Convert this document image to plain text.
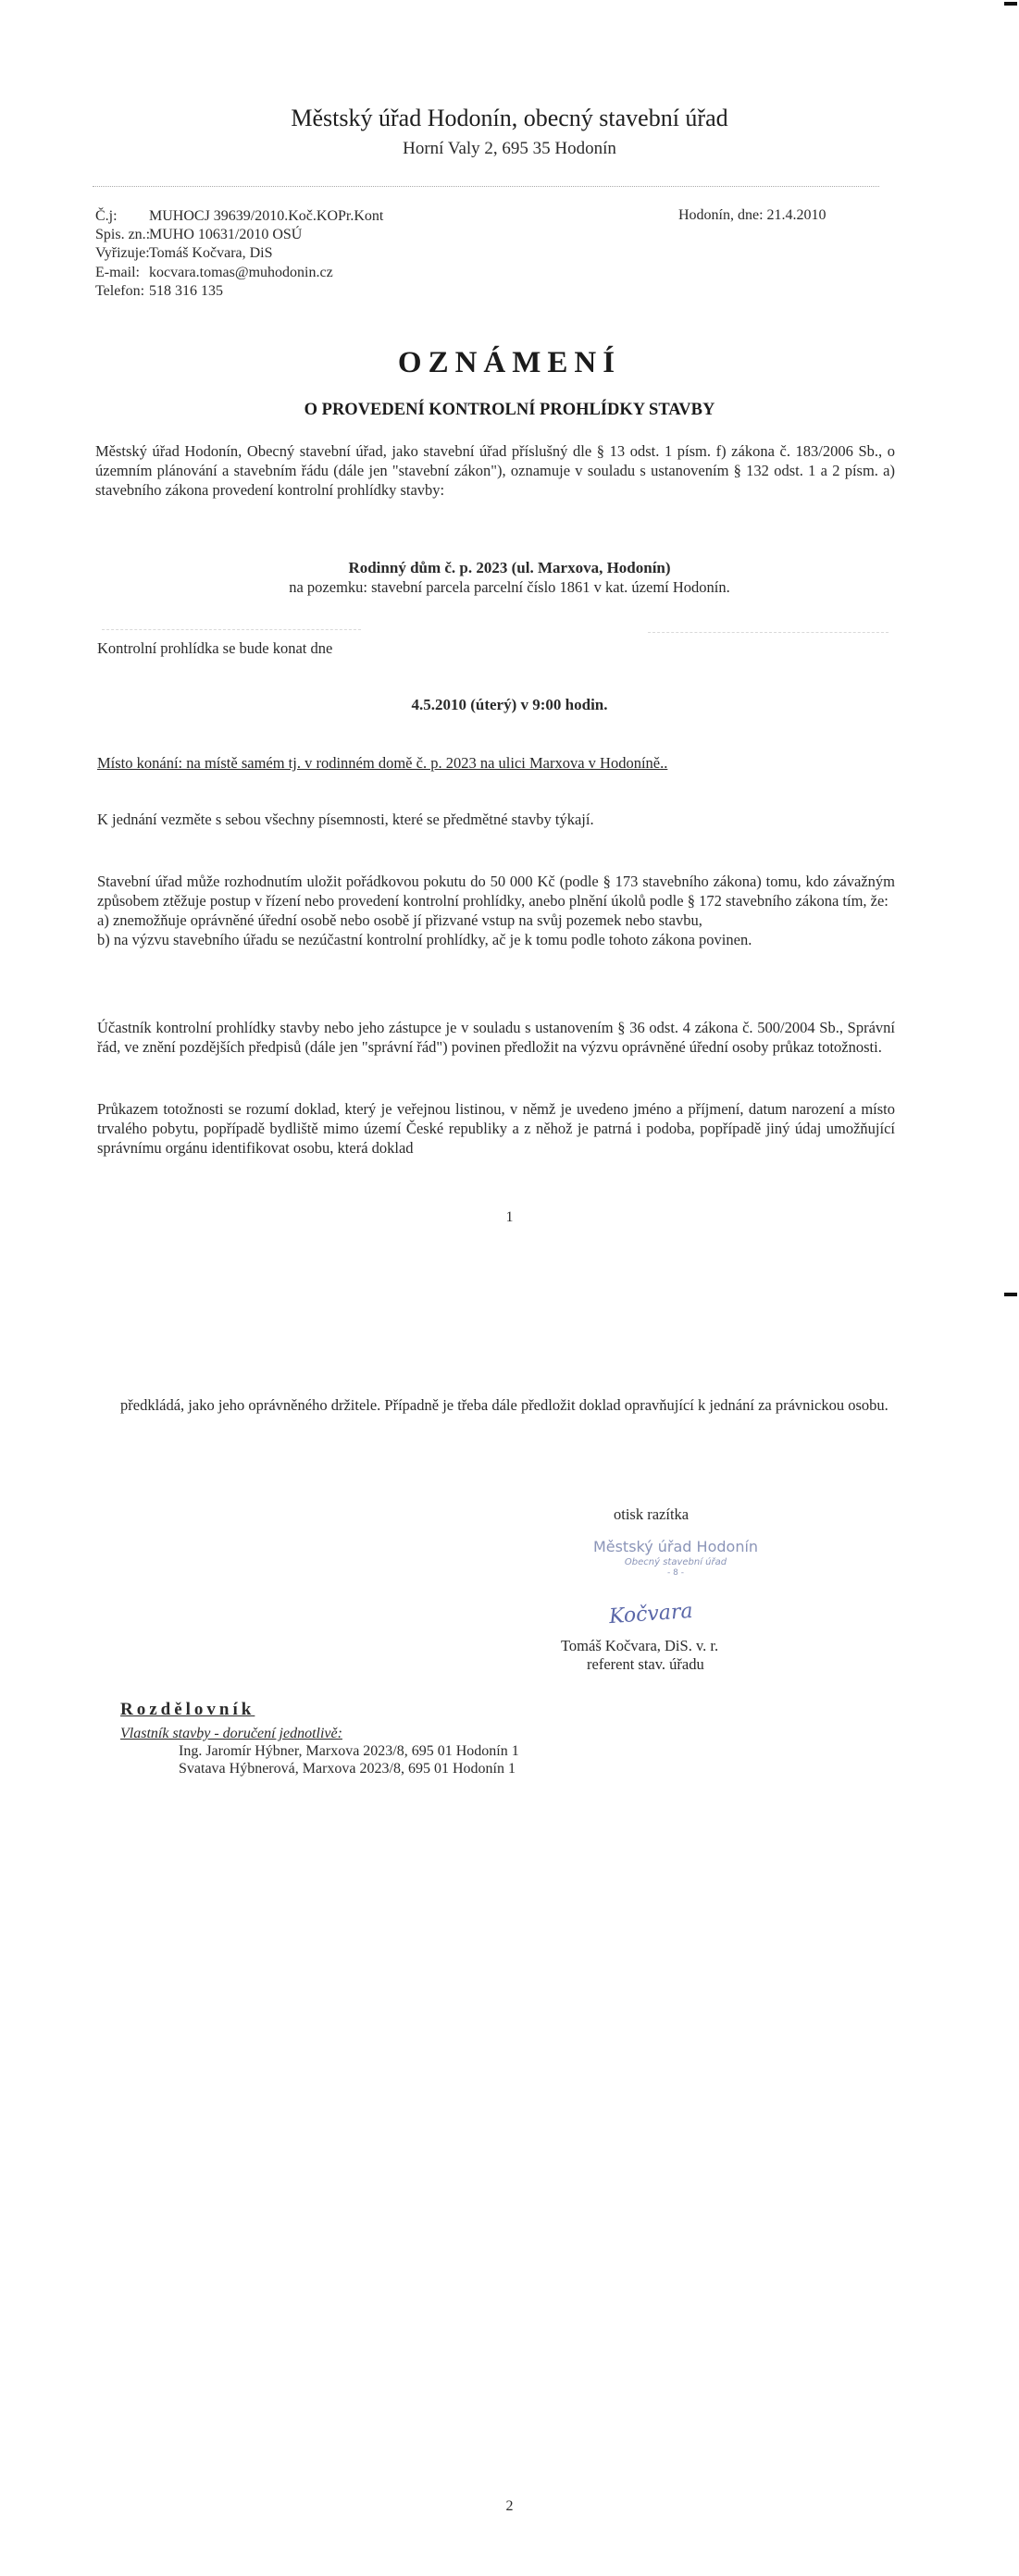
Městský úřad Hodonín, obecný stavební úřad
Horní Valy 2, 695 35 Hodonín
Č.j: MUHOCJ 39639/2010.Koč.KOPr.Kont	Hodonín, dne: 21.4.2010
Spis. zn.:MUHO 10631/2010 OSÚ
Vyřizuje:Tomáš Kočvara, DiS
E-mail: kocvara.tomas@muhodonin.cz
Telefon: 518 316 135
OZNÁMENÍ
O PROVEDENÍ KONTROLNÍ PROHLÍDKY STAVBY

Městský úřad Hodonín, Obecný stavební úřad, jako stavební úřad příslušný dle § 13 odst. 1 písm. f) zákona č. 183/2006 Sb., o územním plánování a stavebním řádu (dále jen "stavební zákon"), oznamuje v souladu s ustanovením § 132 odst. 1 a 2 písm. a) stavebního zákona provedení kontrolní prohlídky stavby:

Rodinný dům č. p. 2023 (ul. Marxova, Hodonín)
na pozemku: stavební parcela parcelní číslo 1861 v kat. území Hodonín.
Kontrolní prohlídka se bude konat dne
4.5.2010 (úterý) v 9:00 hodin.
Místo konání: na místě samém tj. v rodinném domě č. p. 2023 na ulici Marxova v Hodoníně..
K jednání vezměte s sebou všechny písemnosti, které se předmětné stavby týkají.

Stavební úřad může rozhodnutím uložit pořádkovou pokutu do 50 000 Kč (podle § 173 stavebního zákona) tomu, kdo závažným způsobem ztěžuje postup v řízení nebo provedení kontrolní prohlídky, anebo plnění úkolů podle § 172 stavebního zákona tím, že:

a) znemožňuje oprávněné úřední osobě nebo osobě jí přizvané vstup na svůj pozemek nebo stavbu,

b) na výzvu stavebního úřadu se nezúčastní kontrolní prohlídky, ač je k tomu podle tohoto zákona povinen.

Účastník kontrolní prohlídky stavby nebo jeho zástupce je v souladu s ustanovením § 36 odst. 4 zákona č. 500/2004 Sb., Správní řád, ve znění pozdějších předpisů (dále jen "správní řád") povinen předložit na výzvu oprávněné úřední osoby průkaz totožnosti.

Průkazem totožnosti se rozumí doklad, který je veřejnou listinou, v němž je uvedeno jméno a příjmení, datum narození a místo trvalého pobytu, popřípadě bydliště mimo území České republiky a z něhož je patrná i podoba, popřípadě jiný údaj umožňující správnímu orgánu identifikovat osobu, která doklad

1

předkládá, jako jeho oprávněného držitele. Případně je třeba dále předložit doklad opravňující k jednání za právnickou osobu.

otisk razítka
Městský úřad Hodonín
Obecný stavební úřad
- 8 -
Kočvara
Tomáš Kočvara, DiS. v. r.
referent stav. úřadu
Rozdělovník
Vlastník stavby - doručení jednotlivě:
Ing. Jaromír Hýbner, Marxova 2023/8, 695 01 Hodonín 1
Svatava Hýbnerová, Marxova 2023/8, 695 01 Hodonín 1
2
